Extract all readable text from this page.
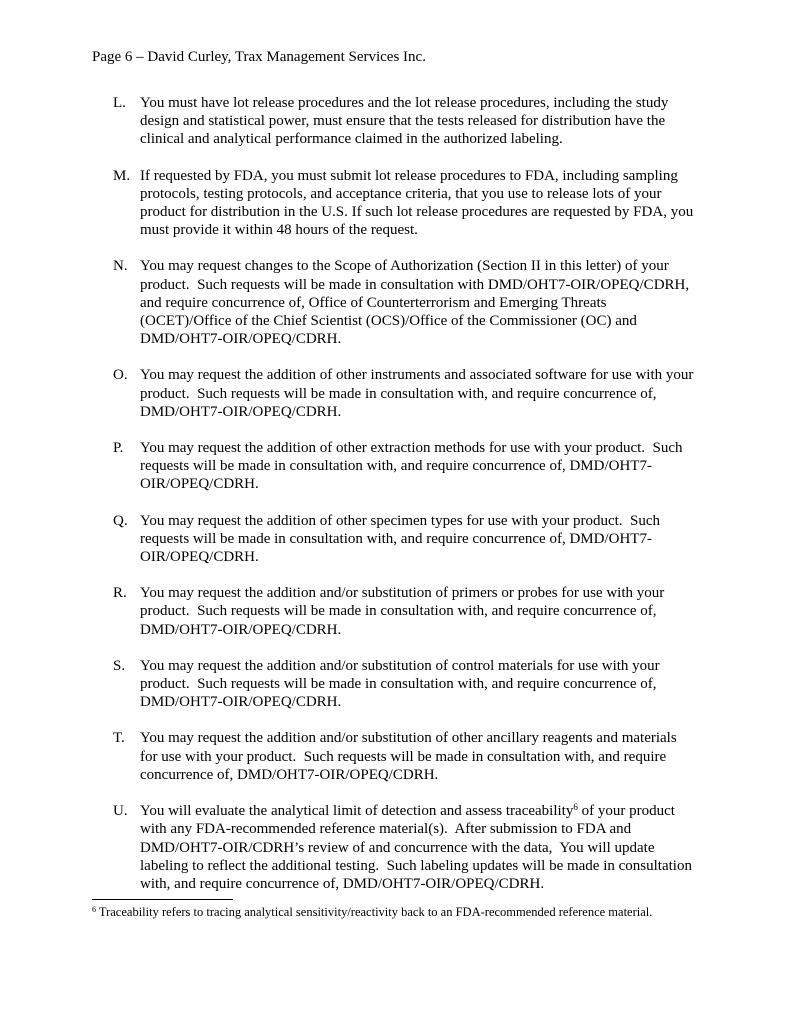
Page 6 – David Curley, Trax Management Services Inc.
L. You must have lot release procedures and the lot release procedures, including the study design and statistical power, must ensure that the tests released for distribution have the clinical and analytical performance claimed in the authorized labeling.
M. If requested by FDA, you must submit lot release procedures to FDA, including sampling protocols, testing protocols, and acceptance criteria, that you use to release lots of your product for distribution in the U.S. If such lot release procedures are requested by FDA, you must provide it within 48 hours of the request.
N. You may request changes to the Scope of Authorization (Section II in this letter) of your product.  Such requests will be made in consultation with DMD/OHT7-OIR/OPEQ/CDRH, and require concurrence of, Office of Counterterrorism and Emerging Threats (OCET)/Office of the Chief Scientist (OCS)/Office of the Commissioner (OC) and DMD/OHT7-OIR/OPEQ/CDRH.
O. You may request the addition of other instruments and associated software for use with your product.  Such requests will be made in consultation with, and require concurrence of, DMD/OHT7-OIR/OPEQ/CDRH.
P.	You may request the addition of other extraction methods for use with your product.  Such requests will be made in consultation with, and require concurrence of, DMD/OHT7-OIR/OPEQ/CDRH.
Q. You may request the addition of other specimen types for use with your product.  Such requests will be made in consultation with, and require concurrence of, DMD/OHT7-OIR/OPEQ/CDRH.
R. You may request the addition and/or substitution of primers or probes for use with your product.  Such requests will be made in consultation with, and require concurrence of, DMD/OHT7-OIR/OPEQ/CDRH.
S. You may request the addition and/or substitution of control materials for use with your product.  Such requests will be made in consultation with, and require concurrence of, DMD/OHT7-OIR/OPEQ/CDRH.
T.	You may request the addition and/or substitution of other ancillary reagents and materials for use with your product.  Such requests will be made in consultation with, and require concurrence of, DMD/OHT7-OIR/OPEQ/CDRH.
U. You will evaluate the analytical limit of detection and assess traceability$^6$ of your product with any FDA-recommended reference material(s).  After submission to FDA and DMD/OHT7-OIR/CDRH’s review of and concurrence with the data,  You will update labeling to reflect the additional testing.  Such labeling updates will be made in consultation with, and require concurrence of, DMD/OHT7-OIR/OPEQ/CDRH.
$^6$ Traceability refers to tracing analytical sensitivity/reactivity back to an FDA-recommended reference material.
